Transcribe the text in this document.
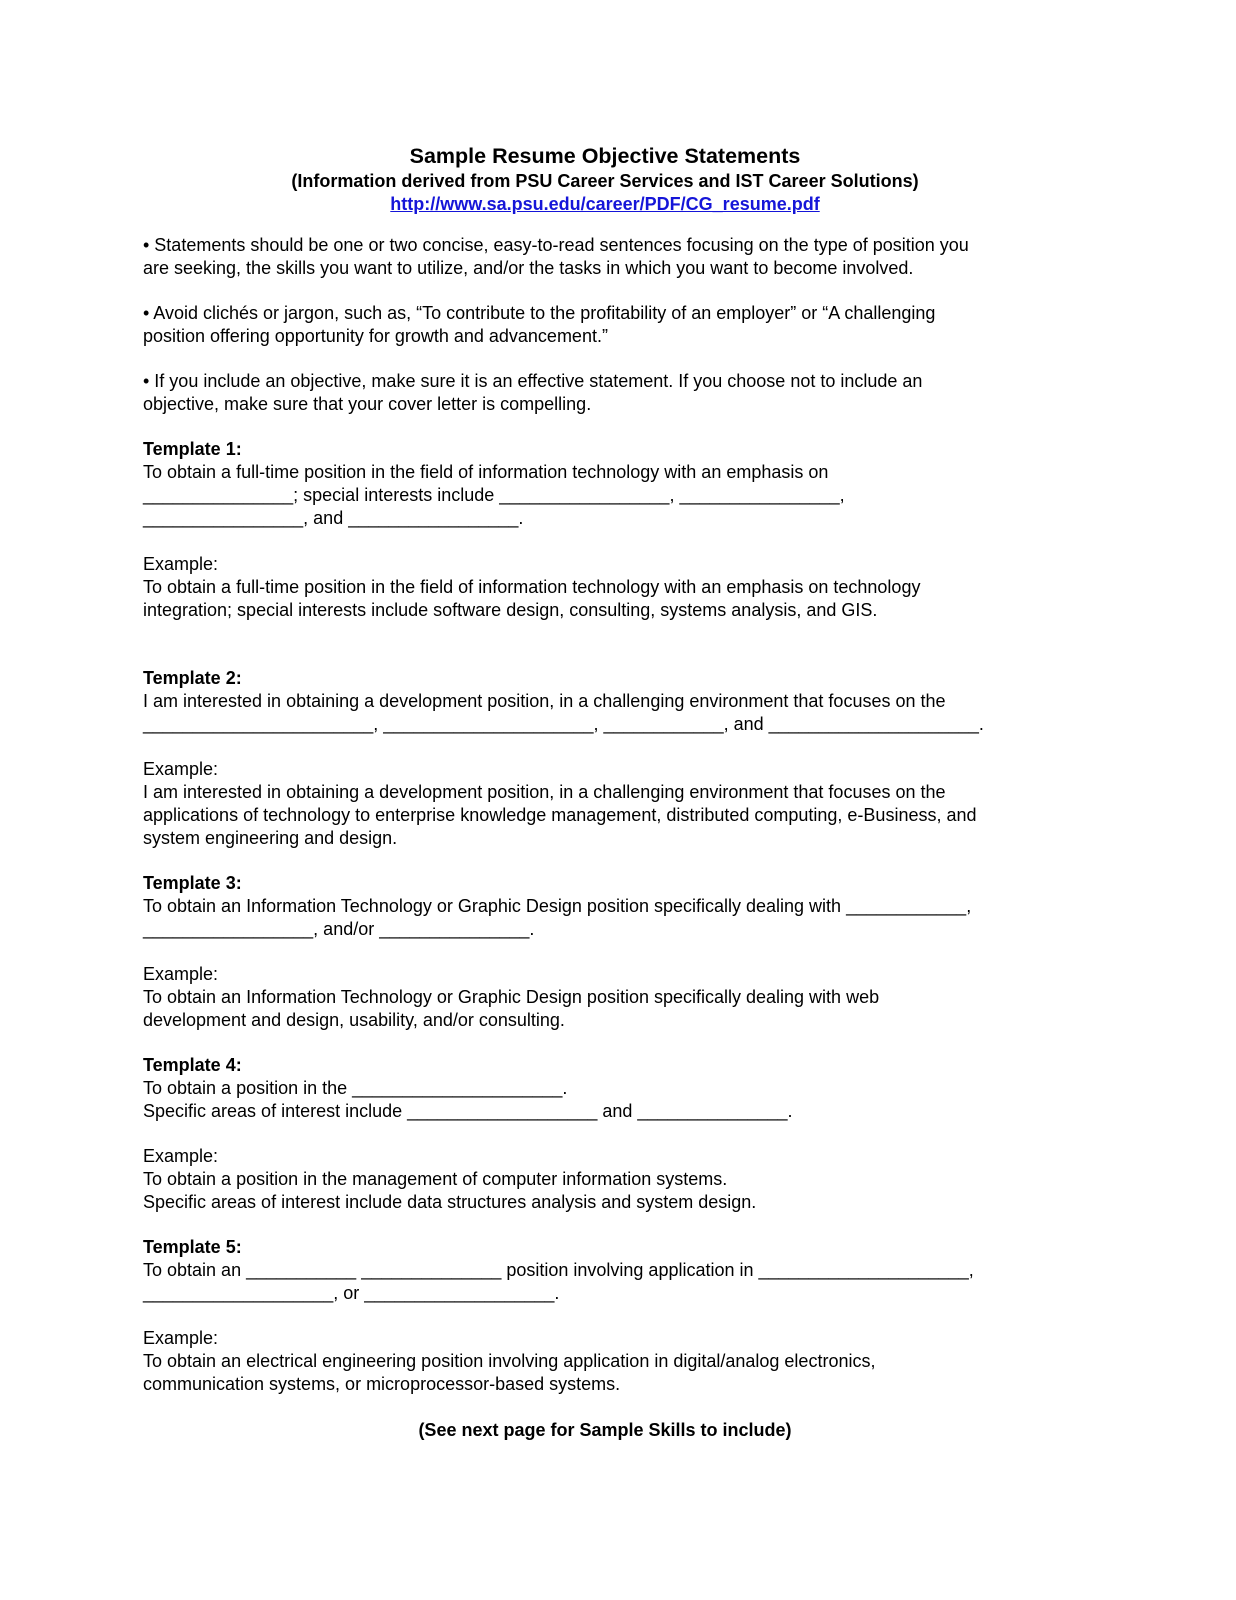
Sample Resume Objective Statements
(Information derived from PSU Career Services and IST Career Solutions)
http://www.sa.psu.edu/career/PDF/CG_resume.pdf
• Statements should be one or two concise, easy-to-read sentences focusing on the type of position you
are seeking, the skills you want to utilize, and/or the tasks in which you want to become involved.
• Avoid clichés or jargon, such as, “To contribute to the profitability of an employer” or “A challenging
position offering opportunity for growth and advancement.”
• If you include an objective, make sure it is an effective statement. If you choose not to include an
objective, make sure that your cover letter is compelling.
Template 1:
To obtain a full-time position in the field of information technology with an emphasis on
_______________; special interests include _________________, ________________,
________________, and _________________.
Example:
To obtain a full-time position in the field of information technology with an emphasis on technology
integration; special interests include software design, consulting, systems analysis, and GIS.
Template 2:
I am interested in obtaining a development position, in a challenging environment that focuses on the
_______________________, _____________________, ____________, and _____________________.
Example:
I am interested in obtaining a development position, in a challenging environment that focuses on the
applications of technology to enterprise knowledge management, distributed computing, e-Business, and
system engineering and design.
Template 3:
To obtain an Information Technology or Graphic Design position specifically dealing with ____________,
_________________, and/or _______________.
Example:
To obtain an Information Technology or Graphic Design position specifically dealing with web
development and design, usability, and/or consulting.
Template 4:
To obtain a position in the _____________________.
Specific areas of interest include ___________________ and _______________.
Example:
To obtain a position in the management of computer information systems.
Specific areas of interest include data structures analysis and system design.
Template 5:
To obtain an ___________ ______________ position involving application in _____________________,
___________________, or ___________________.
Example:
To obtain an electrical engineering position involving application in digital/analog electronics,
communication systems, or microprocessor-based systems.
(See next page for Sample Skills to include)
